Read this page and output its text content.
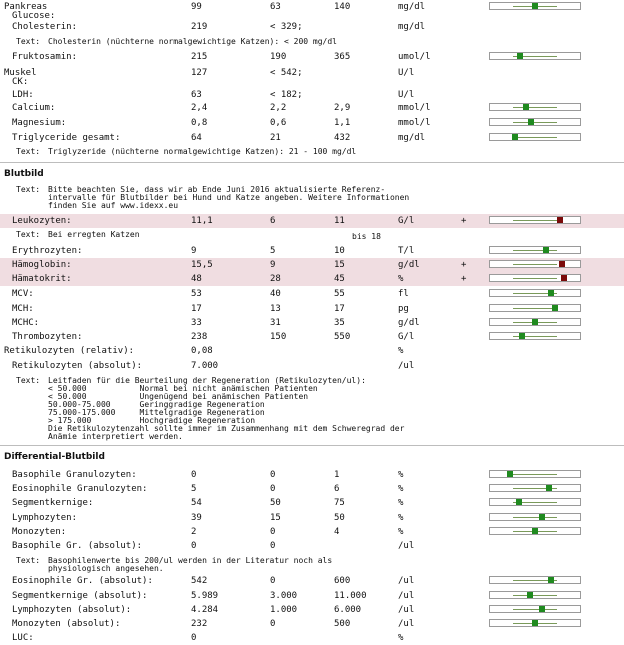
Pankreas	99	63	140	mg/dl
Glucose:
Cholesterin:	219	< 329;	mg/dl
Fruktosamin:	215	190	365	umol/l
Muskel	127	< 542;	U/l
CK:
LDH:	63	< 182;	U/l
Calcium:	2,4	2,2	2,9	mmol/l
Magnesium:	0,8	0,6	1,1	mmol/l
Triglyceride gesamt:	64	21	432	mg/dl
Text: Cholesterin (nüchterne normalgewichtige Katzen): < 200 mg/dl
Text: Triglyzeride (nüchterne normalgewichtige Katzen): 21 - 100 mg/dl
Blutbild
Text: Bitte beachten Sie, dass wir ab Ende Juni 2016 aktualisierte Referenz-
intervalle für Blutbilder bei Hund und Katze angeben. Weitere Informationen
finden Sie auf www.idexx.eu
Leukozyten:	11,1	6	11	G/l	+
Erythrozyten:	9	5	10	T/l
Hämoglobin:	15,5	9	15	g/dl	+
Hämatokrit:	48	28	45	%	+
MCV:	53	40	55	fl
MCH:	17	13	17	pg
MCHC:	33	31	35	g/dl
Thrombozyten:	238	150	550	G/l
Retikulozyten (relativ):	0,08	%
Retikulozyten (absolut):	7.000	/ul
Text: Bei erregten Katzen	bis 18
Text: Leitfaden für die Beurteilung der Regeneration (Retikulozyten/ul):
< 50.000           Normal bei nicht anämischen Patienten
< 50.000           Ungenügend bei anämischen Patienten
50.000-75.000      Geringgradige Regeneration
75.000-175.000     Mittelgradige Regeneration
> 175.000          Hochgradige Regeneration
Die Retikulozytenzahl sollte immer im Zusammenhang mit dem Schweregrad der
Anämie interpretiert werden.
Differential-Blutbild
Basophile Granulozyten:	0	0	1	%
Eosinophile Granulozyten:	5	0	6	%
Segmentkernige:	54	50	75	%
Lymphozyten:	39	15	50	%
Monozyten:	2	0	4	%
Basophile Gr. (absolut):	0	0	/ul
Text: Basophilenwerte bis 200/ul werden in der Literatur noch als
physiologisch angesehen.
Eosinophile Gr. (absolut):	542	0	600	/ul
Segmentkernige (absolut):	5.989	3.000	11.000	/ul
Lymphozyten (absolut):	4.284	1.000	6.000	/ul
Monozyten (absolut):	232	0	500	/ul
LUC:	0	%
